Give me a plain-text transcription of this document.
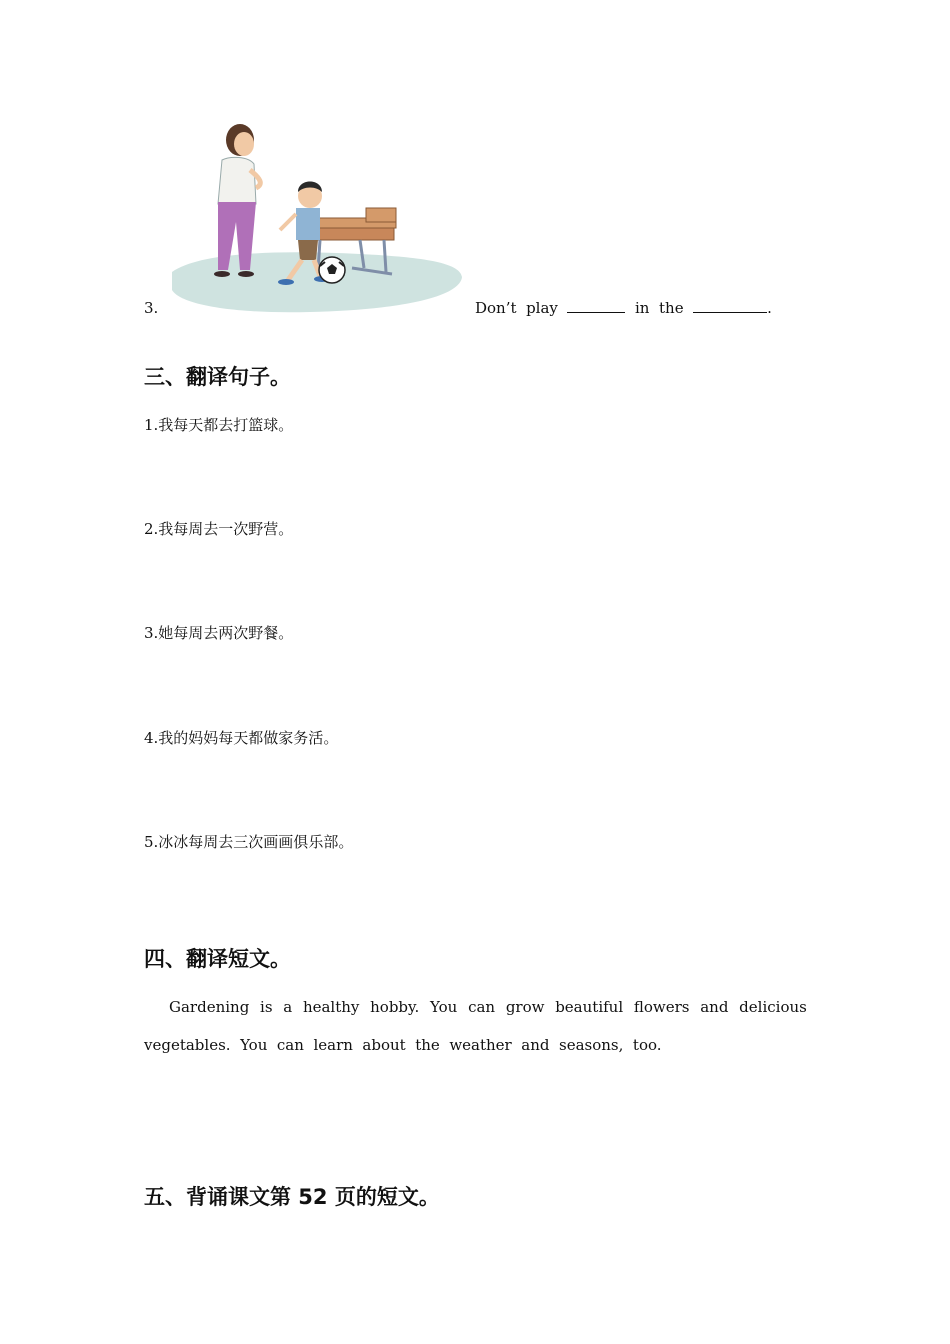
3.	Don’t play	in the	.
三、翻译句子。
1.我每天都去打篮球。
2.我每周去一次野营。
3.她每周去两次野餐。
4.我的妈妈每天都做家务活。
5.冰冰每周去三次画画俱乐部。
四、翻译短文。
Gardening is a healthy hobby. You can grow beautiful flowers and delicious
vegetables.  You  can  learn  about  the  weather  and  seasons,  too.
五、背诵课文第 52 页的短文。
